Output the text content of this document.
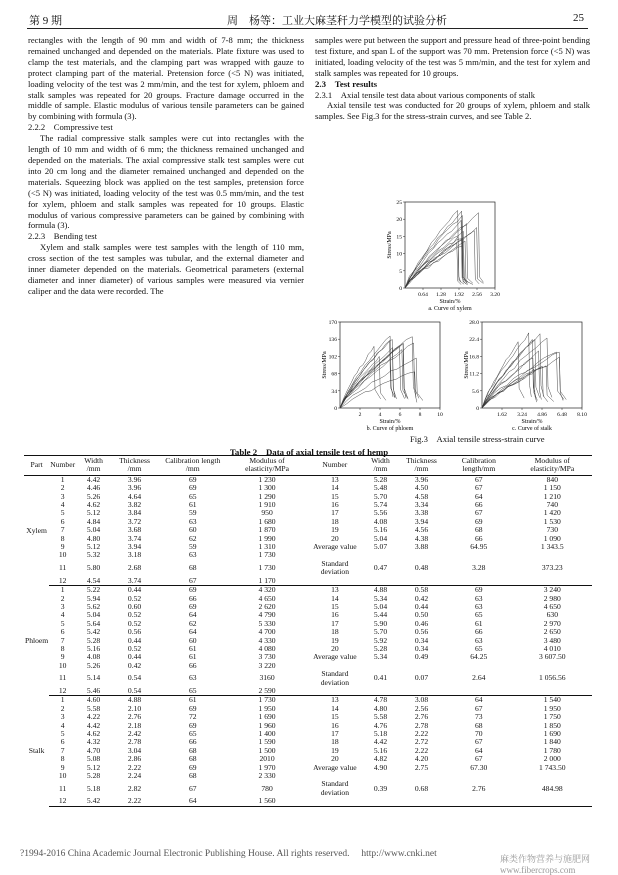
第 9 期	周　杨等：工业大麻茎秆力学模型的试验分析	25

rectangles with the length of 90 mm and width of 7-8 mm; the thickness remained unchanged and depended on the materials. Plate fixture was used to clamp the test materials, and the clamping part was wrapped with gauze to protect clamping part of the material. Pretension force (<5 N) was initiated, loading velocity of the test was 2 mm/min, and the test for xylem, phloem and stalk samples was repeated for 20 groups. Fracture damage occurred in the middle of sample. Elastic modulus of various tensile parameters can be gained by combining with formula (3).

2.2.2　Compressive test

The radial compressive stalk samples were cut into rectangles with the length of 10 mm and width of 6 mm; the thickness remained unchanged and depended on the materials. The axial compressive stalk test samples were cut into 20 cm long and the diameter remained unchanged and depended on the materials. Squeezing block was applied on the test samples, pretension force (<5 N) was initiated, loading velocity of the test was 0.5 mm/min, and the test for xylem, phloem and stalk samples was repeated for 10 groups. Elastic modulus of various compressive parameters can be gained by combining with formula (3).

2.2.3　Bending test

Xylem and stalk samples were test samples with the length of 110 mm, cross section of the test samples was tubular, and the external diameter and inner diameter depended on the materials. Geometrical parameters (external diameter and inner diameter) of various samples were measured via vernier caliper and the data were recorded. The

samples were put between the support and pressure head of three-point bending test fixture, and span L of the support was 70 mm. Pretension force (<5 N) was initiated, loading velocity of the test was 5 mm/min, and the test for xylem and stalk samples was repeated for 10 groups.

2.3　Test results
2.3.1　Axial tensile test data about various components of stalk

Axial tensile test was conducted for 20 groups of xylem, phloem and stalk samples. See Fig.3 for the stress-strain curves, and see Table 2.

0
5
10
15
20
25
0.64 1.28 1.92 2.56 3.20
Stress/MPa
Strain/%
a. Curve of xylem
0
34
68
102
136
170
2	4	6	8	10
Stress/MPa
Strain/%
b. Curve of phloem
0
5.6
11.2
16.8
22.4
28.0
1.62 3.24 4.86 6.48 8.10
Stress/MPa
Strain/%
c. Curve of stalk
Fig.3　Axial tensile stress-strain curve
Table 2　Data of axial tensile test of hemp
Part	Number	Width /mm	Thickness /mm	Calibration length /mm	Modulus of elasticity/MPa	Number	Width /mm	Thickness /mm	Calibration length/mm	Modulus of elasticity/MPa
Xylem	1	4.42	3.96	69	1 230	13	5.28	3.96	67	840
	2	4.46	3.96	69	1 300	14	5.48	4.50	67	1 150
	3	5.26	4.64	65	1 290	15	5.70	4.58	64	1 210
	4	4.62	3.82	61	1 910	16	5.74	3.34	66	740
	5	5.12	3.84	59	950	17	5.56	3.38	67	1 420
	6	4.84	3.72	63	1 680	18	4.08	3.94	69	1 530
	7	5.04	3.68	60	1 870	19	5.16	4.56	68	730
	8	4.80	3.74	62	1 990	20	5.04	4.38	66	1 090
	9	5.12	3.94	59	1 310	Average value	5.07	3.88	64.95	1 343.5
	10	5.32	3.18	63	1 730					
	11	5.80	2.68	68	1 730	Standard deviation	0.47	0.48	3.28	373.23
	12	4.54	3.74	67	1 170					
Phloem	1	5.22	0.44	69	4 320	13	4.88	0.58	69	3 240
	2	5.94	0.52	66	4 650	14	5.34	0.42	63	2 980
	3	5.62	0.60	69	2 620	15	5.04	0.44	63	4 650
	4	5.04	0.52	64	4 790	16	5.44	0.50	65	630
	5	5.64	0.52	62	5 330	17	5.90	0.46	61	2 970
	6	5.42	0.56	64	4 700	18	5.70	0.56	66	2 650
	7	5.28	0.44	60	4 330	19	5.92	0.34	63	3 480
	8	5.16	0.52	61	4 080	20	5.28	0.34	65	4 010
	9	4.08	0.44	61	3 730	Average value	5.34	0.49	64.25	3 607.50
	10	5.26	0.42	66	3 220					
	11	5.14	0.54	63	3160	Standard deviation	0.41	0.07	2.64	1 056.56
	12	5.46	0.54	65	2 590					
Stalk	1	4.60	4.88	61	1 730	13	4.78	3.08	64	1 540
	2	5.58	2.10	69	1 950	14	4.80	2.56	67	1 950
	3	4.22	2.76	72	1 690	15	5.58	2.76	73	1 750
	4	4.42	2.18	69	1 960	16	4.76	2.78	68	1 850
	5	4.62	2.42	65	1 400	17	5.18	2.22	70	1 690
	6	4.32	2.78	66	1 590	18	4.42	2.72	67	1 840
	7	4.70	3.04	68	1 500	19	5.16	2.22	64	1 780
	8	5.08	2.86	68	2010	20	4.82	4.20	67	2 000
	9	5.12	2.22	69	1 970	Average value	4.90	2.75	67.30	1 743.50
	10	5.28	2.24	68	2 330					
	11	5.18	2.82	67	780	Standard deviation	0.39	0.68	2.76	484.98
	12	5.42	2.22	64	1 560					
?1994-2016 China Academic Journal Electronic Publishing House. All rights reserved.　 http://www.cnki.net	麻类作物营养与施肥网 www.fibercrops.com
